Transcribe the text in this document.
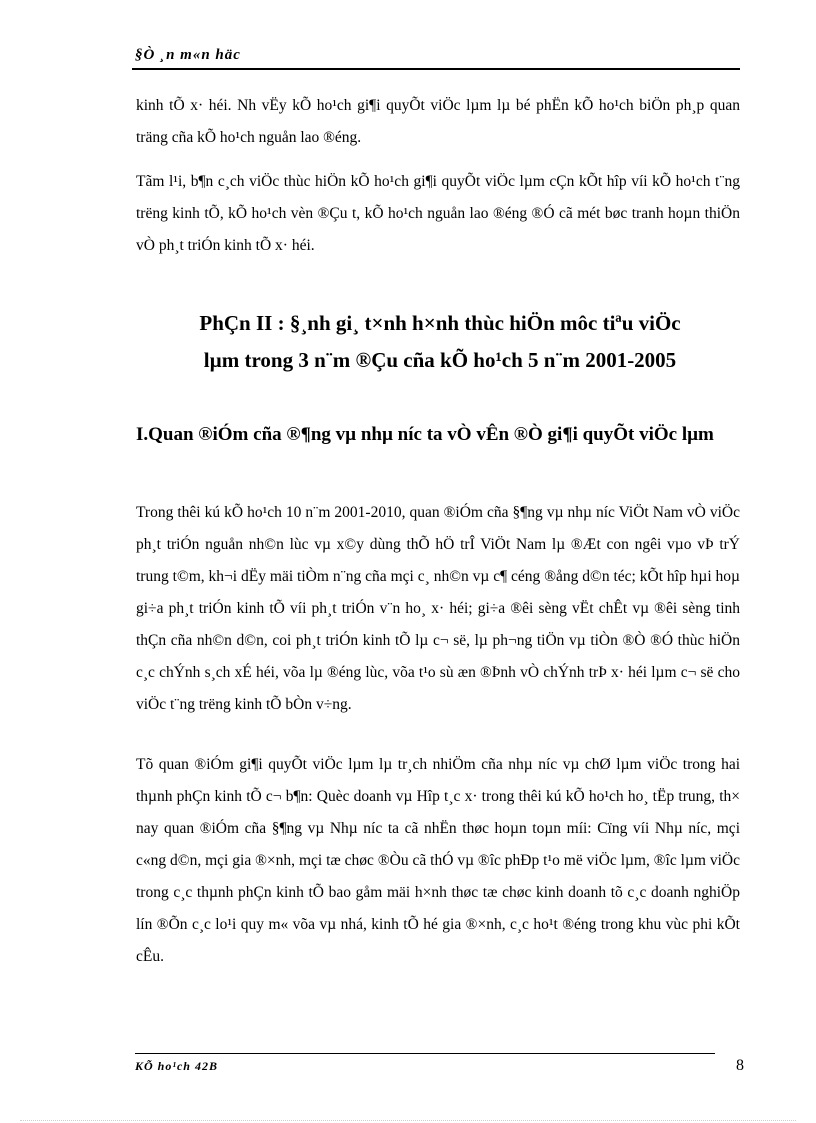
§Ò ¸n m«n häc

kinh tÕ x· héi. Nh vËy kÕ ho¹ch gi¶i quyÕt viÖc lµm lµ bé phËn kÕ ho¹ch biÖn ph¸p quan träng cña kÕ ho¹ch nguån lao ®éng.

Tãm l¹i, b¶n c¸ch viÖc thùc hiÖn kÕ ho¹ch gi¶i quyÕt viÖc lµm cÇn kÕt hîp víi kÕ ho¹ch t¨ng trëng kinh tÕ, kÕ ho¹ch vèn ®Çu t, kÕ ho¹ch nguån lao ®éng ®Ó cã mét bøc tranh hoµn thiÖn vÒ ph¸t triÓn kinh tÕ x· héi.

PhÇn II : §¸nh gi¸ t×nh h×nh thùc hiÖn môc tiªu viÖc
lµm trong 3 n¨m ®Çu cña kÕ ho¹ch 5 n¨m 2001-2005

I.Quan ®iÓm cña ®¶ng vµ nhµ níc ta vÒ vÊn ®Ò gi¶i quyÕt viÖc lµm

Trong thêi kú kÕ ho¹ch 10 n¨m 2001-2010, quan ®iÓm cña §¶ng vµ nhµ níc ViÖt Nam vÒ viÖc ph¸t triÓn nguån nh©n lùc vµ x©y dùng thÕ hÖ trÎ ViÖt Nam lµ ®Æt con ngêi vµo vÞ trÝ trung t©m, kh¬i dËy mäi tiÒm n¨ng cña mçi c¸ nh©n vµ c¶ céng ®ång d©n téc; kÕt hîp hµi hoµ gi÷a ph¸t triÓn kinh tÕ víi ph¸t triÓn v¨n ho¸ x· héi; gi÷a ®êi sèng vËt chÊt vµ ®êi sèng tinh thÇn cña nh©n d©n, coi ph¸t triÓn kinh tÕ lµ c¬ së, lµ ph¬ng tiÖn vµ tiÒn ®Ò ®Ó thùc hiÖn c¸c chÝnh s¸ch xÉ héi, võa lµ ®éng lùc, võa t¹o sù æn ®Þnh vÒ chÝnh trÞ x· héi lµm c¬ së cho viÖc t¨ng trëng kinh tÕ bÒn v÷ng.

Tõ quan ®iÓm gi¶i quyÕt viÖc lµm lµ tr¸ch nhiÖm cña nhµ níc vµ chØ lµm viÖc trong hai thµnh phÇn kinh tÕ c¬ b¶n: Quèc doanh vµ Hîp t¸c x· trong thêi kú kÕ ho¹ch ho¸ tËp trung, th× nay quan ®iÓm cña §¶ng vµ Nhµ níc ta cã nhËn thøc hoµn toµn míi: Cïng víi Nhµ níc, mçi c«ng d©n, mçi gia ®×nh, mçi tæ chøc ®Òu cã thÓ vµ ®îc phÐp t¹o më viÖc lµm, ®îc lµm viÖc trong c¸c thµnh phÇn kinh tÕ bao gåm mäi h×nh thøc tæ chøc kinh doanh tõ c¸c doanh nghiÖp lín ®Õn c¸c lo¹i quy m« võa vµ nhá, kinh tÕ hé gia ®×nh, c¸c ho¹t ®éng trong khu vùc phi kÕt cÊu.

KÕ ho¹ch 42B	8
